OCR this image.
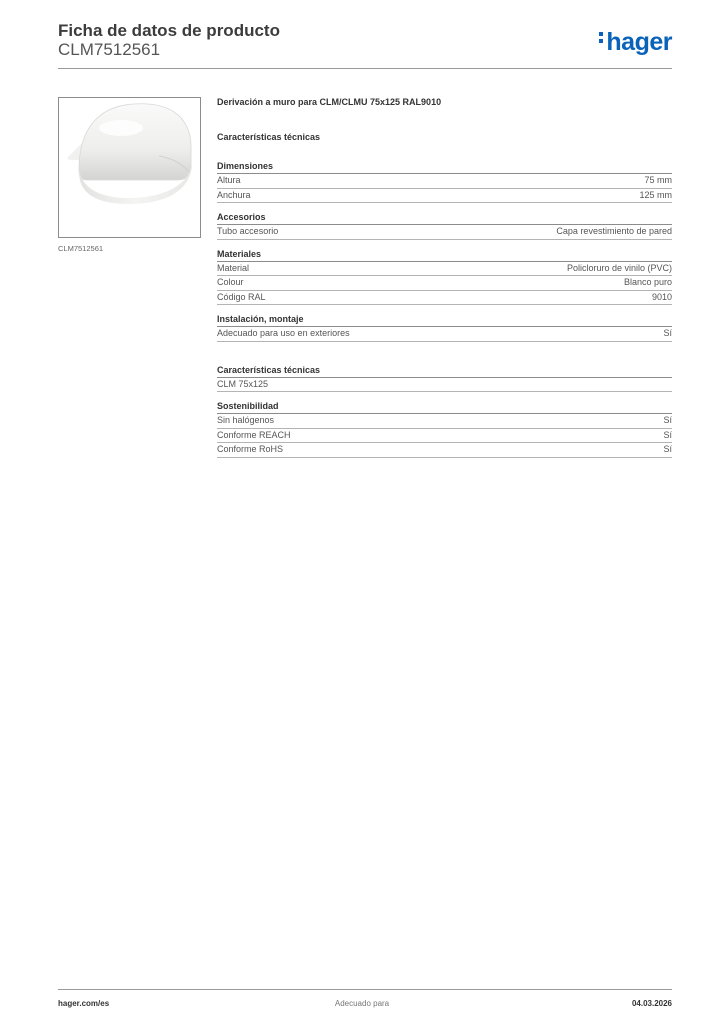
Ficha de datos de producto
CLM7512561	hager
CLM7512561
Derivación a muro para CLM/CLMU 75x125 RAL9010
Características técnicas
Dimensiones
Altura	75 mm
Anchura	125 mm
Accesorios
Tubo accesorio	Capa revestimiento de pared
Materiales
Material	Policloruro de vinilo (PVC)
Colour	Blanco puro
Código RAL	9010
Instalación, montaje
Adecuado para uso en exteriores	Sí
Características técnicas
CLM 75x125
Sostenibilidad
Sin halógenos	Sí
Conforme REACH	Sí
Conforme RoHS	Sí
hager.com/es	Adecuado para	04.03.2026
